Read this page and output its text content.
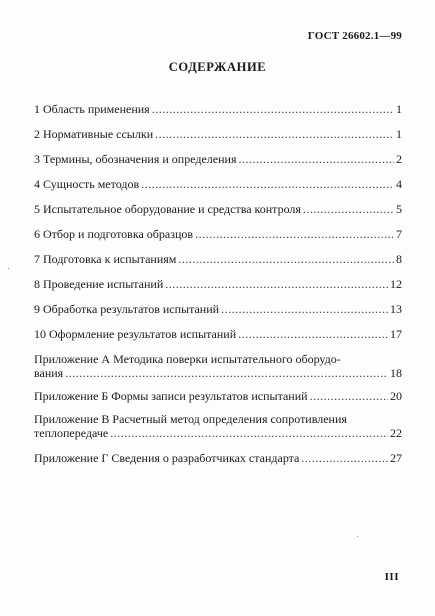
ГОСТ 26602.1—99
СОДЕРЖАНИЕ
1 Область применения .....	1
2 Нормативные ссылки .....	1
3 Термины, обозначения и определения .....	2
4 Сущность методов .....	4
5 Испытательное оборудование и средства контроля .....	5
6 Отбор и подготовка образцов .....	7
7 Подготовка к испытаниям .....	8
8 Проведение испытаний .....	12
9 Обработка результатов испытаний .....	13
10 Оформление результатов испытаний .....	17
Приложение А Методика поверки испытательного оборудо-
вания .....	18
Приложение Б Формы записи результатов испытаний .....	20
Приложение В Расчетный метод определения сопротивления
теплопередаче .....	22
Приложение Г Сведения о разработчиках стандарта .....	27
III
